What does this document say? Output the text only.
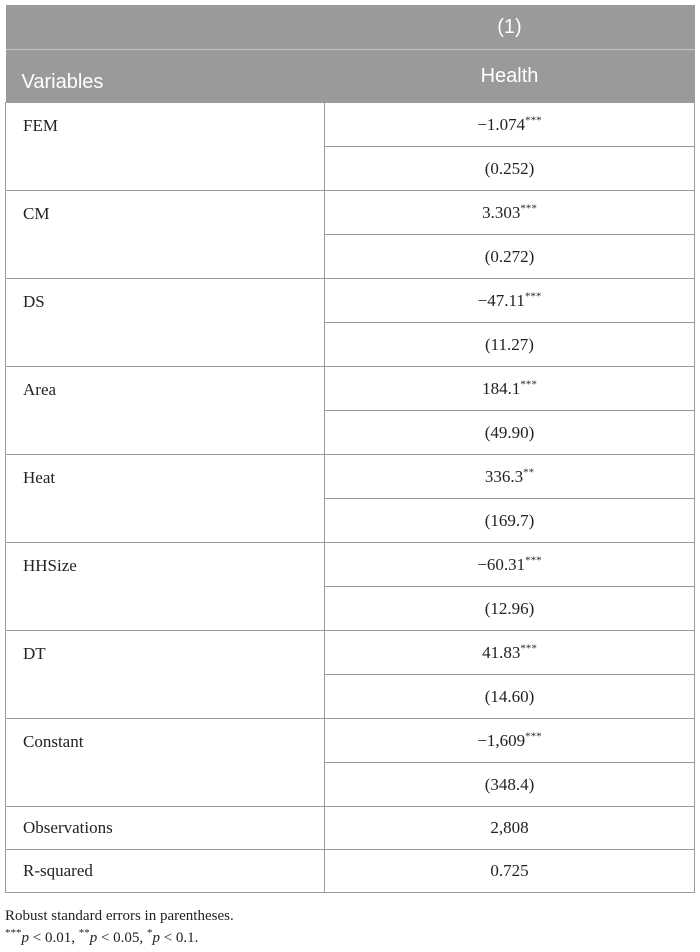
	(1)
Variables	Health
FEM	−1.074***
	(0.252)
CM	3.303***
	(0.272)
DS	−47.11***
	(11.27)
Area	184.1***
	(49.90)
Heat	336.3**
	(169.7)
HHSize	−60.31***
	(12.96)
DT	41.83***
	(14.60)
Constant	−1,609***
	(348.4)
Observations	2,808
R-squared	0.725
Robust standard errors in parentheses.
***p < 0.01, **p < 0.05, *p < 0.1.
